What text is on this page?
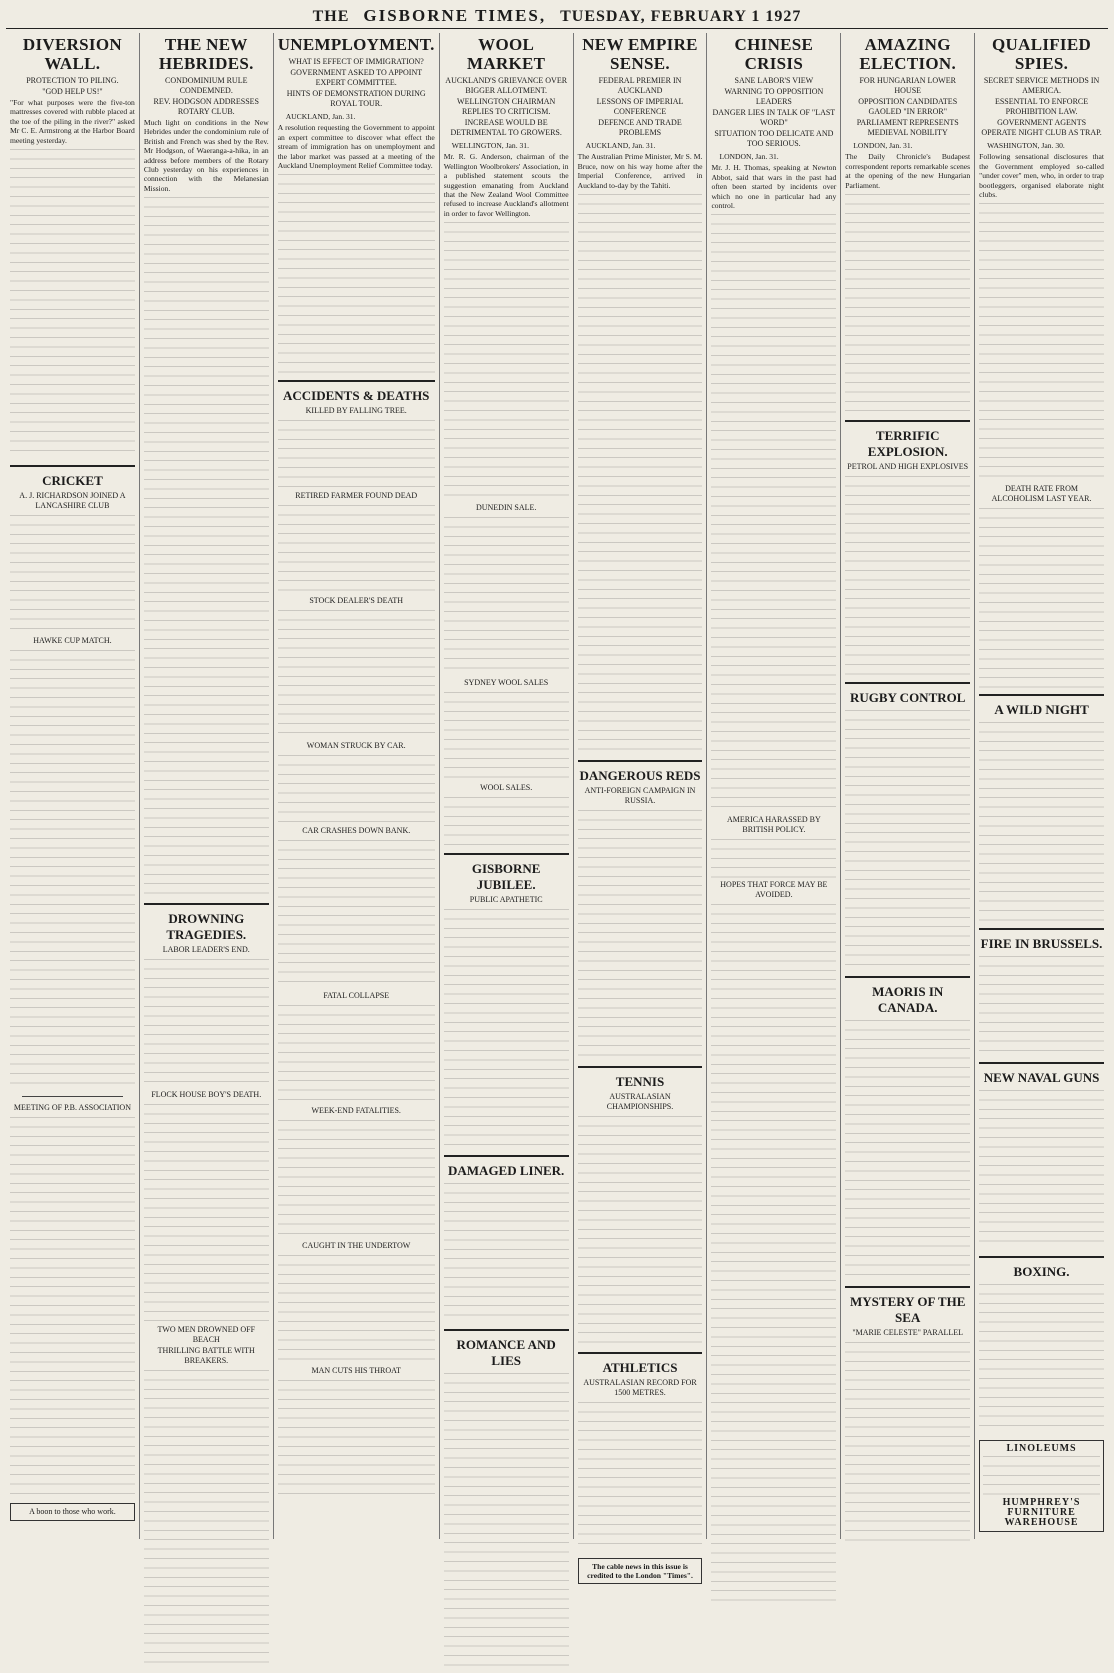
THE GISBORNE TIMES, TUESDAY, FEBRUARY 1 1927
DIVERSION WALL.
PROTECTION TO PILING.
"GOD HELP US!"

"For what purposes were the five-ton mattresses covered with rubble placed at the toe of the piling in the river?" asked Mr C. E. Armstrong at the Harbor Board meeting yesterday.

CRICKET
A. J. RICHARDSON JOINED A LANCASHIRE CLUB
HAWKE CUP MATCH.
MEETING OF P.B. ASSOCIATION
A boon to those who work.
THE NEW HEBRIDES.
CONDOMINIUM RULE CONDEMNED.
REV. HODGSON ADDRESSES ROTARY CLUB.

Much light on conditions in the New Hebrides under the condominium rule of British and French was shed by the Rev. Mr Hodgson, of Waeranga-a-hika, in an address before members of the Rotary Club yesterday on his experiences in connection with the Melanesian Mission.

DROWNING TRAGEDIES.
LABOR LEADER'S END.
FLOCK HOUSE BOY'S DEATH.
TWO MEN DROWNED OFF BEACH
THRILLING BATTLE WITH BREAKERS.
UNEMPLOYMENT.
WHAT IS EFFECT OF IMMIGRATION?
GOVERNMENT ASKED TO APPOINT EXPERT COMMITTEE.
HINTS OF DEMONSTRATION DURING ROYAL TOUR.
AUCKLAND, Jan. 31.

A resolution requesting the Government to appoint an expert committee to discover what effect the stream of immigration has on unemployment and the labor market was passed at a meeting of the Auckland Unemployment Relief Committee today.

ACCIDENTS & DEATHS
KILLED BY FALLING TREE.
RETIRED FARMER FOUND DEAD
STOCK DEALER'S DEATH
WOMAN STRUCK BY CAR.
CAR CRASHES DOWN BANK.
FATAL COLLAPSE
WEEK-END FATALITIES.
CAUGHT IN THE UNDERTOW
MAN CUTS HIS THROAT
WOOL MARKET
AUCKLAND'S GRIEVANCE OVER BIGGER ALLOTMENT.
WELLINGTON CHAIRMAN REPLIES TO CRITICISM.
INCREASE WOULD BE DETRIMENTAL TO GROWERS.
WELLINGTON, Jan. 31.

Mr. R. G. Anderson, chairman of the Wellington Woolbrokers' Association, in a published statement scouts the suggestion emanating from Auckland that the New Zealand Wool Committee refused to increase Auckland's allotment in order to favor Wellington.

DUNEDIN SALE.
SYDNEY WOOL SALES
WOOL SALES.
GISBORNE JUBILEE.
PUBLIC APATHETIC
DAMAGED LINER.
ROMANCE AND LIES
NEW EMPIRE SENSE.
FEDERAL PREMIER IN AUCKLAND
LESSONS OF IMPERIAL CONFERENCE
DEFENCE AND TRADE PROBLEMS
AUCKLAND, Jan. 31.

The Australian Prime Minister, Mr S. M. Bruce, now on his way home after the Imperial Conference, arrived in Auckland to-day by the Tahiti.

DANGEROUS REDS
ANTI-FOREIGN CAMPAIGN IN RUSSIA.
TENNIS
AUSTRALASIAN CHAMPIONSHIPS.
ATHLETICS
AUSTRALASIAN RECORD FOR 1500 METRES.
The cable news in this issue is credited to the London "Times".
CHINESE CRISIS
SANE LABOR'S VIEW
WARNING TO OPPOSITION LEADERS
DANGER LIES IN TALK OF "LAST WORD"
SITUATION TOO DELICATE AND TOO SERIOUS.
LONDON, Jan. 31.

Mr. J. H. Thomas, speaking at Newton Abbot, said that wars in the past had often been started by incidents over which no one in particular had any control.

AMERICA HARASSED BY BRITISH POLICY.
HOPES THAT FORCE MAY BE AVOIDED.
AMAZING ELECTION.
FOR HUNGARIAN LOWER HOUSE
OPPOSITION CANDIDATES GAOLED "IN ERROR"
PARLIAMENT REPRESENTS MEDIEVAL NOBILITY
LONDON, Jan. 31.

The Daily Chronicle's Budapest correspondent reports remarkable scenes at the opening of the new Hungarian Parliament.

TERRIFIC EXPLOSION.
PETROL AND HIGH EXPLOSIVES
RUGBY CONTROL
MAORIS IN CANADA.
MYSTERY OF THE SEA
"MARIE CELESTE" PARALLEL
QUALIFIED SPIES.
SECRET SERVICE METHODS IN AMERICA.
ESSENTIAL TO ENFORCE PROHIBITION LAW.
GOVERNMENT AGENTS OPERATE NIGHT CLUB AS TRAP.
WASHINGTON, Jan. 30.

Following sensational disclosures that the Government employed so-called "under cover" men, who, in order to trap bootleggers, organised elaborate night clubs.

DEATH RATE FROM ALCOHOLISM LAST YEAR.
A WILD NIGHT
FIRE IN BRUSSELS.
NEW NAVAL GUNS
BOXING.
LINOLEUMS
HUMPHREY'S FURNITURE WAREHOUSE
